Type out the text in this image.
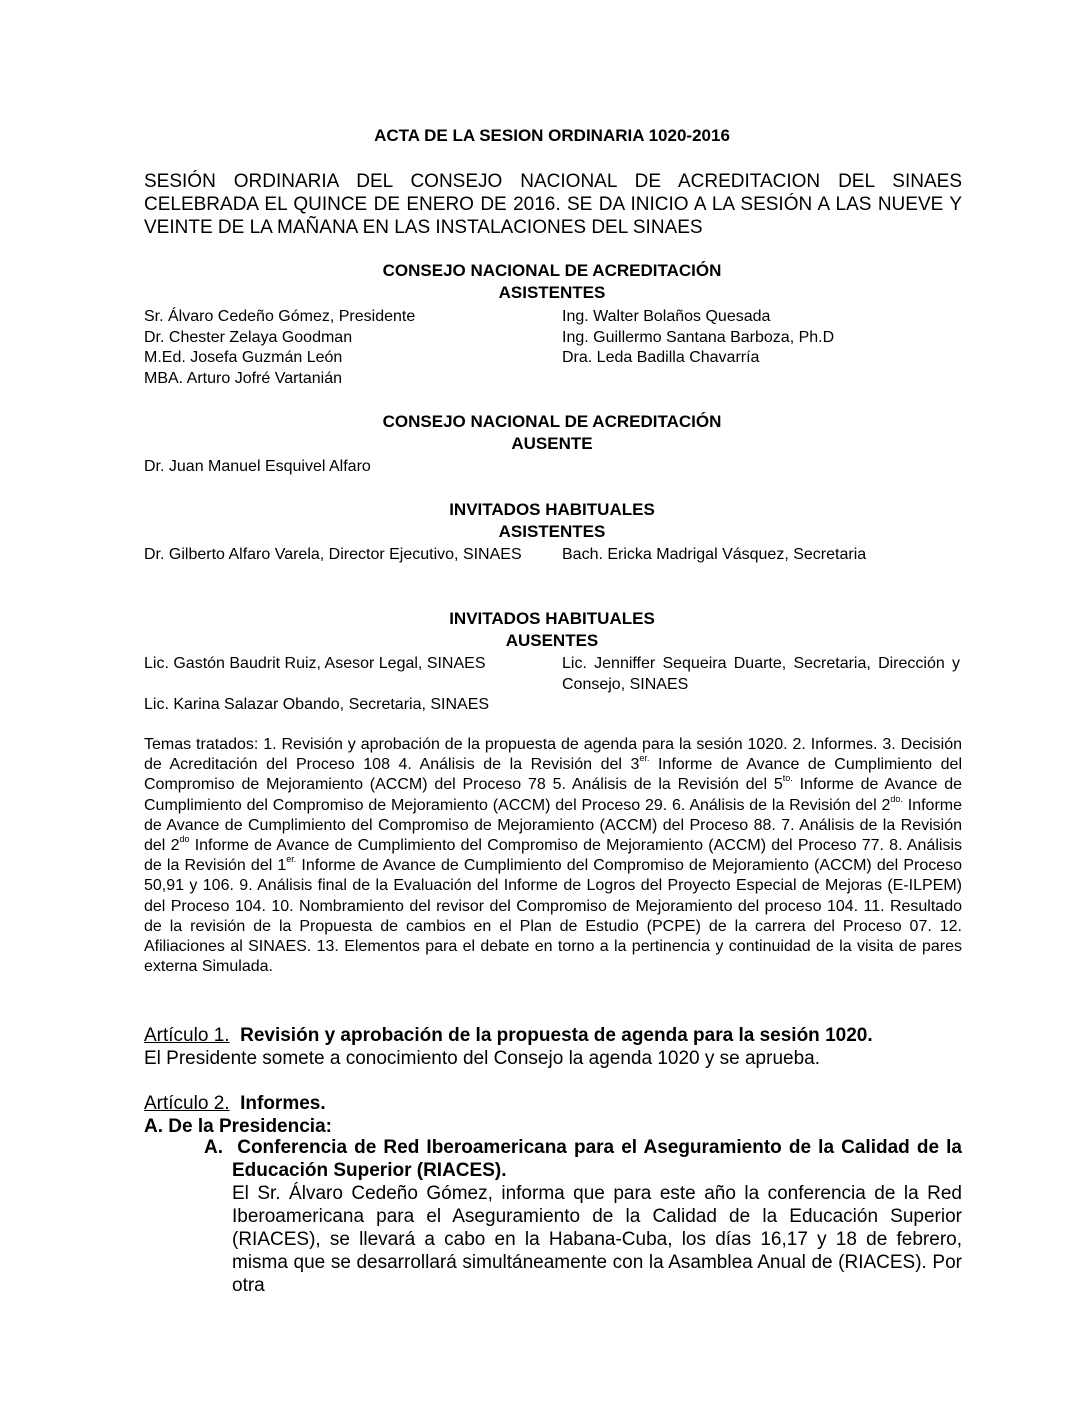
ACTA DE LA SESION ORDINARIA 1020-2016
SESIÓN ORDINARIA DEL CONSEJO NACIONAL DE ACREDITACION DEL SINAES CELEBRADA EL QUINCE DE ENERO DE 2016. SE DA INICIO A LA SESIÓN A LAS NUEVE Y VEINTE DE LA MAÑANA EN LAS INSTALACIONES DEL SINAES
CONSEJO NACIONAL DE ACREDITACIÓN
ASISTENTES
Sr. Álvaro Cedeño Gómez, Presidente
Dr. Chester Zelaya Goodman
M.Ed. Josefa Guzmán León
MBA. Arturo Jofré Vartanián
Ing. Walter Bolaños Quesada
Ing. Guillermo Santana Barboza, Ph.D
Dra. Leda Badilla Chavarría
CONSEJO NACIONAL DE ACREDITACIÓN
AUSENTE
Dr. Juan Manuel Esquivel Alfaro
INVITADOS HABITUALES
ASISTENTES
Dr. Gilberto Alfaro Varela, Director Ejecutivo, SINAES	Bach. Ericka Madrigal Vásquez, Secretaria
INVITADOS HABITUALES
AUSENTES
Lic. Gastón Baudrit Ruiz, Asesor Legal, SINAES
Lic. Karina Salazar Obando, Secretaria, SINAES
Lic. Jenniffer Sequeira Duarte, Secretaria, Dirección y Consejo, SINAES
Temas tratados: 1. Revisión y aprobación de la propuesta de agenda para la sesión 1020. 2. Informes. 3. Decisión de Acreditación del Proceso 108 4. Análisis de la Revisión del $3^{er.}$ Informe de Avance de Cumplimiento del Compromiso de Mejoramiento (ACCM) del Proceso 78 5. Análisis de la Revisión del $5^{to.}$ Informe de Avance de Cumplimiento del Compromiso de Mejoramiento (ACCM) del Proceso 29. 6. Análisis de la Revisión del $2^{do.}$ Informe de Avance de Cumplimiento del Compromiso de Mejoramiento (ACCM) del Proceso 88. 7. Análisis de la Revisión del $2^{do}$ Informe de Avance de Cumplimiento del Compromiso de Mejoramiento (ACCM) del Proceso 77. 8. Análisis de la Revisión del $1^{er.}$ Informe de Avance de Cumplimiento del Compromiso de Mejoramiento (ACCM) del Proceso 50,91 y 106. 9. Análisis final de la Evaluación del Informe de Logros del Proyecto Especial de Mejoras (E-ILPEM) del Proceso 104. 10. Nombramiento del revisor del Compromiso de Mejoramiento del proceso 104. 11. Resultado de la revisión de la Propuesta de cambios en el Plan de Estudio (PCPE) de la carrera del Proceso 07. 12. Afiliaciones al SINAES. 13. Elementos para el debate en torno a la pertinencia y continuidad de la visita de pares externa Simulada.
Artículo 1. Revisión y aprobación de la propuesta de agenda para la sesión 1020.
El Presidente somete a conocimiento del Consejo la agenda 1020 y se aprueba.
Artículo 2. Informes.
A. De la Presidencia:
A. Conferencia de Red Iberoamericana para el Aseguramiento de la Calidad de la Educación Superior (RIACES).
El Sr. Álvaro Cedeño Gómez, informa que para este año la conferencia de la Red Iberoamericana para el Aseguramiento de la Calidad de la Educación Superior (RIACES), se llevará a cabo en la Habana-Cuba, los días 16,17 y 18 de febrero, misma que se desarrollará simultáneamente con la Asamblea Anual de (RIACES). Por otra
